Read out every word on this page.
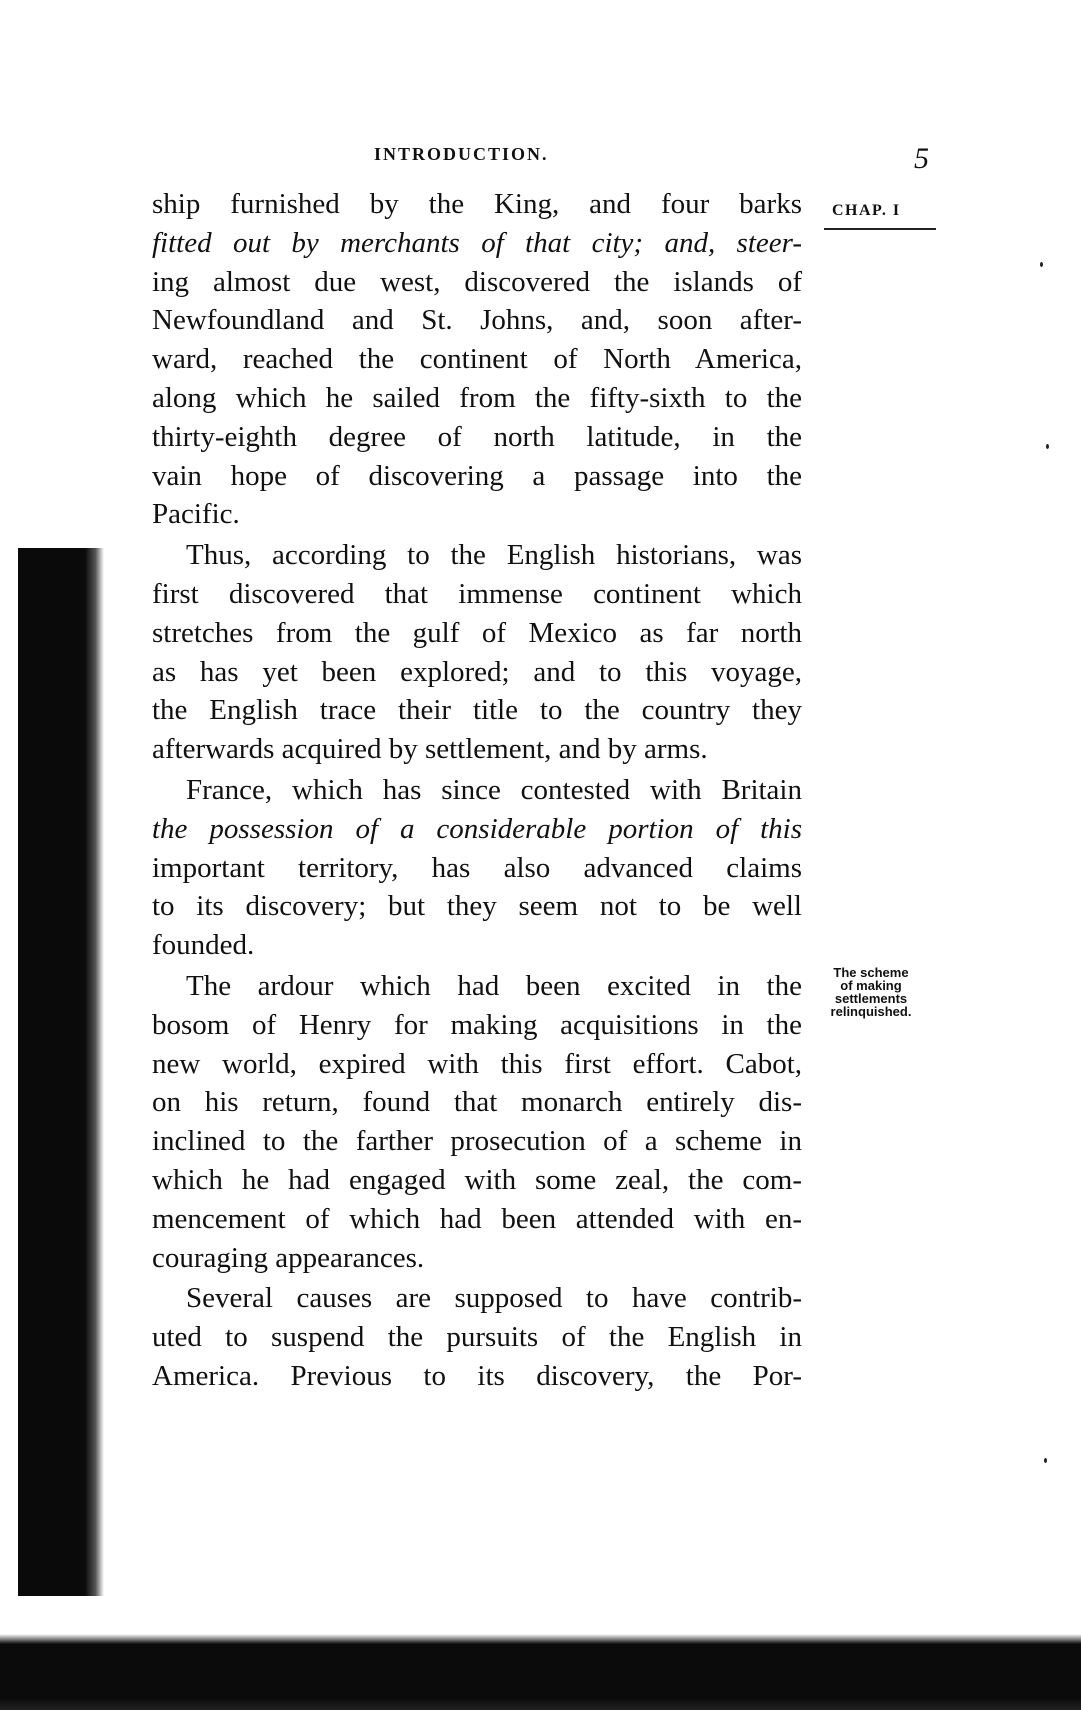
INTRODUCTION.	5
CHAP. I
The scheme
of making
settlements
relinquished.

ship furnished by the King, and four barks
fitted out by merchants of that city; and, steer-
ing almost due west, discovered the islands of
Newfoundland and St. Johns, and, soon after-
ward, reached the continent of North America,
along which he sailed from the fifty-sixth to the
thirty-eighth degree of north latitude, in the
vain hope of discovering a passage into the
Pacific.

Thus, according to the English historians, was
first discovered that immense continent which
stretches from the gulf of Mexico as far north
as has yet been explored; and to this voyage,
the English trace their title to the country they
afterwards acquired by settlement, and by arms.

France, which has since contested with Britain
the possession of a considerable portion of this
important territory, has also advanced claims
to its discovery; but they seem not to be well
founded.

The ardour which had been excited in the
bosom of Henry for making acquisitions in the
new world, expired with this first effort. Cabot,
on his return, found that monarch entirely dis-
inclined to the farther prosecution of a scheme in
which he had engaged with some zeal, the com-
mencement of which had been attended with en-
couraging appearances.

Several causes are supposed to have contrib-
uted to suspend the pursuits of the English in
America. Previous to its discovery, the Por-
